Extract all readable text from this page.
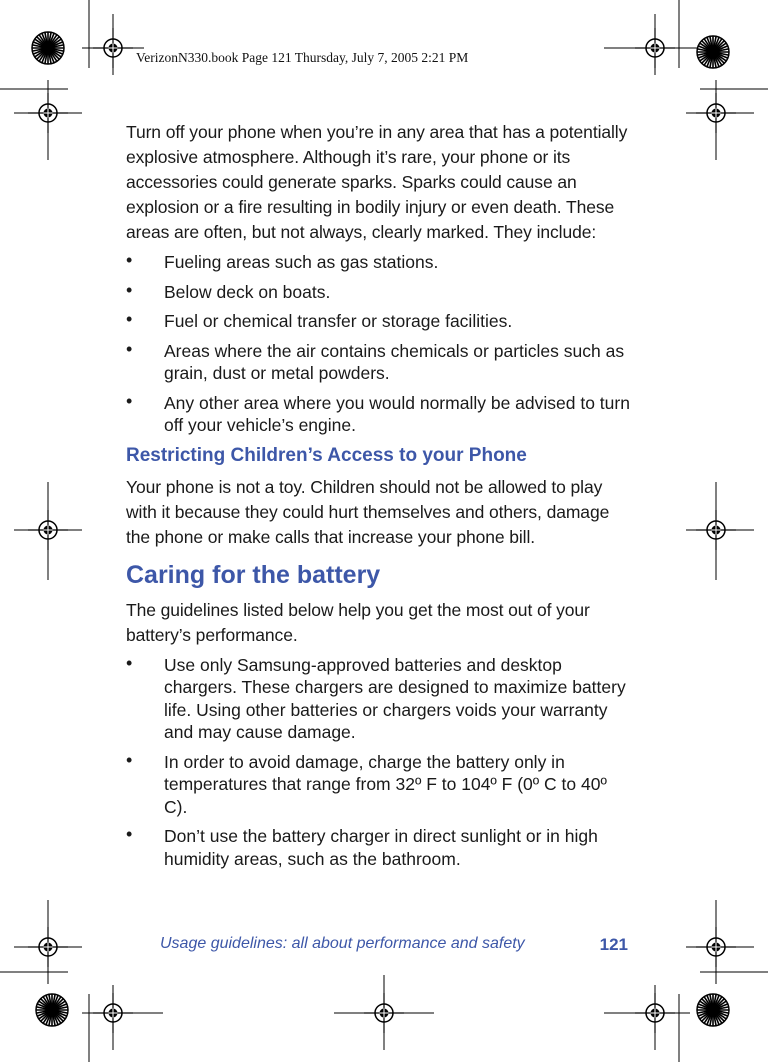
VerizonN330.book Page 121 Thursday, July 7, 2005 2:21 PM

Turn off your phone when you’re in any area that has a potentially explosive atmosphere. Although it’s rare, your phone or its accessories could generate sparks. Sparks could cause an explosion or a fire resulting in bodily injury or even death. These areas are often, but not always, clearly marked. They include:

• Fueling areas such as gas stations.
• Below deck on boats.
• Fuel or chemical transfer or storage facilities.
• Areas where the air contains chemicals or particles such as grain, dust or metal powders.
• Any other area where you would normally be advised to turn off your vehicle’s engine.
Restricting Children’s Access to your Phone

Your phone is not a toy. Children should not be allowed to play with it because they could hurt themselves and others, damage the phone or make calls that increase your phone bill.

Caring for the battery

The guidelines listed below help you get the most out of your battery’s performance.

• Use only Samsung-approved batteries and desktop chargers. These chargers are designed to maximize battery life. Using other batteries or chargers voids your warranty and may cause damage.
• In order to avoid damage, charge the battery only in temperatures that range from 32º F to 104º F (0º C to 40º C).
• Don’t use the battery charger in direct sunlight or in high humidity areas, such as the bathroom.
Usage guidelines: all about performance and safety	121
